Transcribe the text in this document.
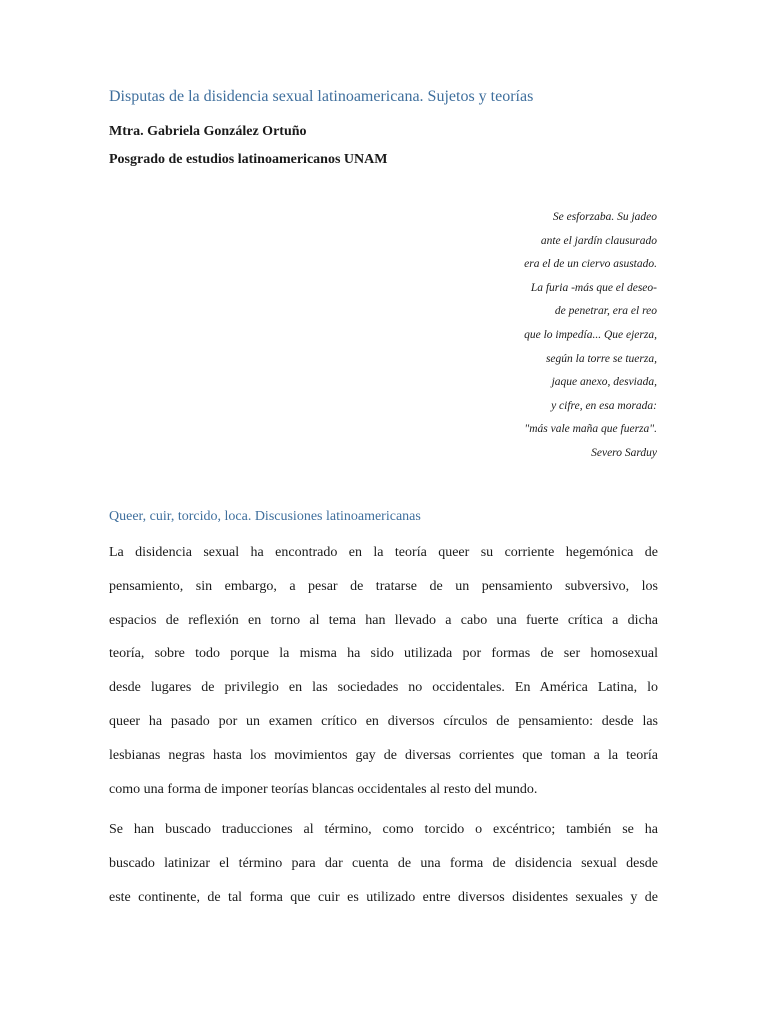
Disputas de la disidencia sexual latinoamericana. Sujetos y teorías

Mtra. Gabriela González Ortuño

Posgrado de estudios latinoamericanos UNAM

Se esforzaba. Su jadeo
ante el jardín clausurado
era el de un ciervo asustado.
La furia -más que el deseo-
de penetrar, era el reo
que lo impedía... Que ejerza,
según la torre se tuerza,
jaque anexo, desviada,
y cifre, en esa morada:
"más vale maña que fuerza".
Severo Sarduy
Queer, cuir, torcido, loca. Discusiones latinoamericanas
La disidencia sexual ha encontrado en la teoría queer su corriente hegemónica de
pensamiento, sin embargo, a pesar de tratarse de un pensamiento subversivo, los
espacios de reflexión en torno al tema han llevado a cabo una fuerte crítica a dicha
teoría, sobre todo porque la misma ha sido utilizada por formas de ser homosexual
desde lugares de privilegio en las sociedades no occidentales. En América Latina, lo
queer ha pasado por un examen crítico en diversos círculos de pensamiento: desde las
lesbianas negras hasta los movimientos gay de diversas corrientes que toman a la teoría
como una forma de imponer teorías blancas occidentales al resto del mundo.
Se han buscado traducciones al término, como torcido o excéntrico; también se ha
buscado latinizar el término para dar cuenta de una forma de disidencia sexual desde
este continente, de tal forma que cuir es utilizado entre diversos disidentes sexuales y de
